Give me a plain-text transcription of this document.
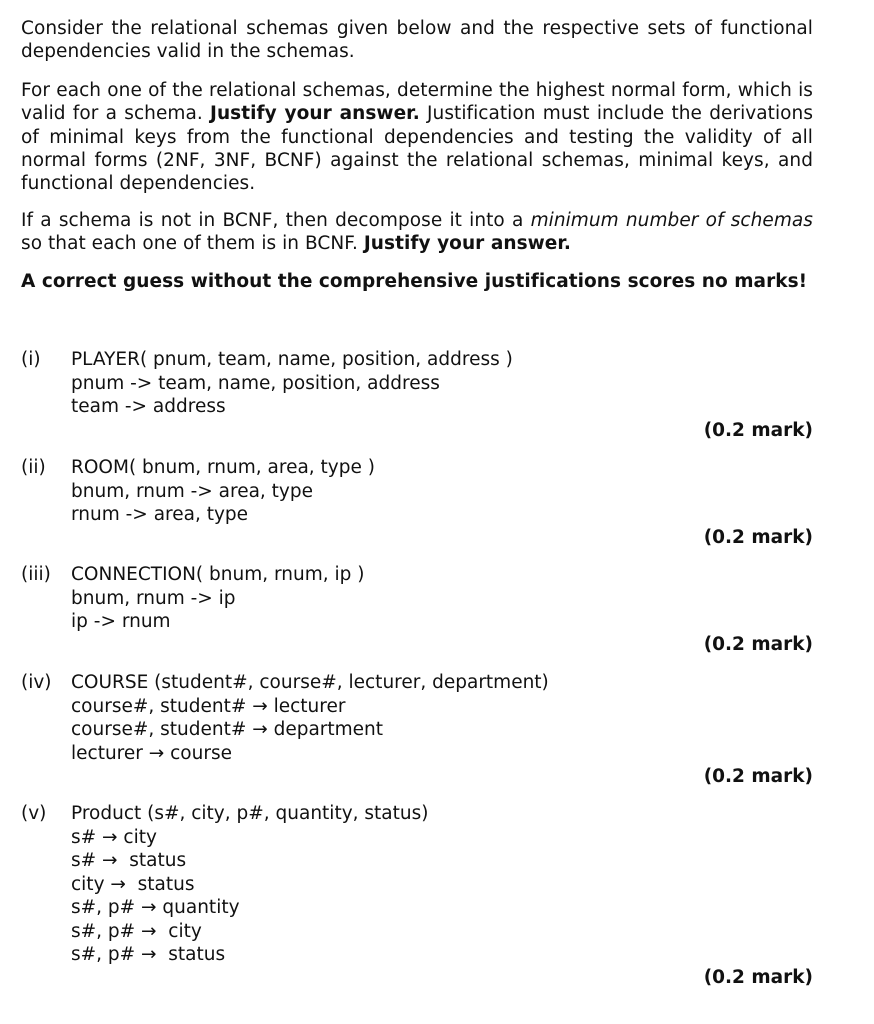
Consider the relational schemas given below and the respective sets of functional dependencies valid in the schemas.
For each one of the relational schemas, determine the highest normal form, which is valid for a schema. Justify your answer. Justification must include the derivations of minimal keys from the functional dependencies and testing the validity of all normal forms (2NF, 3NF, BCNF) against the relational schemas, minimal keys, and functional dependencies.
If a schema is not in BCNF, then decompose it into a minimum number of schemas so that each one of them is in BCNF. Justify your answer.
A correct guess without the comprehensive justifications scores no marks!
(i) PLAYER( pnum, team, name, position, address )
pnum -> team, name, position, address
team -> address
(0.2 mark)
(ii) ROOM( bnum, rnum, area, type )
bnum, rnum -> area, type
rnum -> area, type
(0.2 mark)
(iii) CONNECTION( bnum, rnum, ip )
bnum, rnum -> ip
ip -> rnum
(0.2 mark)
(iv) COURSE (student#, course#, lecturer, department)
course#, student# → lecturer
course#, student# → department
lecturer → course
(0.2 mark)
(v) Product (s#, city, p#, quantity, status)
s# → city
s# →  status
city →  status
s#, p# → quantity
s#, p# →  city
s#, p# →  status
(0.2 mark)
